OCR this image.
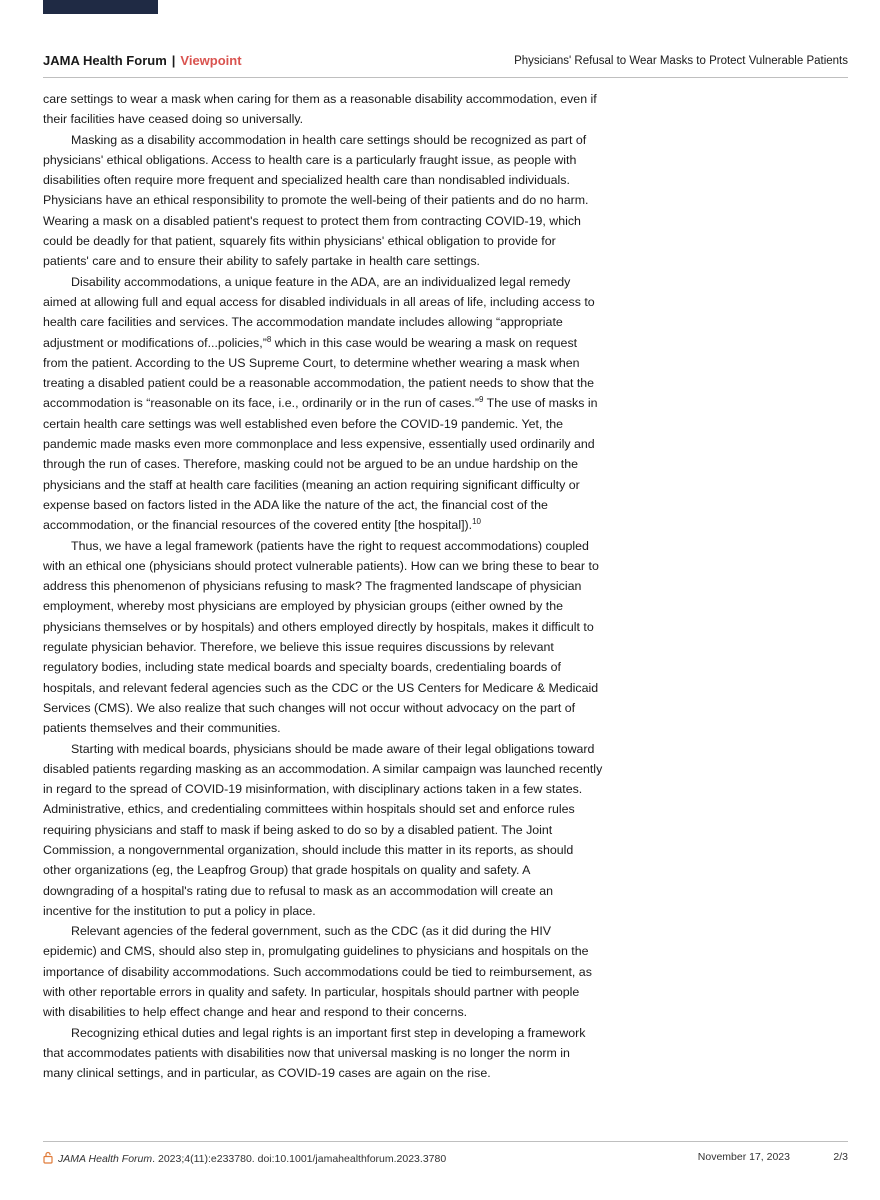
JAMA Health Forum | Viewpoint	Physicians' Refusal to Wear Masks to Protect Vulnerable Patients

care settings to wear a mask when caring for them as a reasonable disability accommodation, even if their facilities have ceased doing so universally.

Masking as a disability accommodation in health care settings should be recognized as part of physicians' ethical obligations. Access to health care is a particularly fraught issue, as people with disabilities often require more frequent and specialized health care than nondisabled individuals. Physicians have an ethical responsibility to promote the well-being of their patients and do no harm. Wearing a mask on a disabled patient's request to protect them from contracting COVID-19, which could be deadly for that patient, squarely fits within physicians' ethical obligation to provide for patients' care and to ensure their ability to safely partake in health care settings.

Disability accommodations, a unique feature in the ADA, are an individualized legal remedy aimed at allowing full and equal access for disabled individuals in all areas of life, including access to health care facilities and services. The accommodation mandate includes allowing “appropriate adjustment or modifications of...policies,”$^8$ which in this case would be wearing a mask on request from the patient. According to the US Supreme Court, to determine whether wearing a mask when treating a disabled patient could be a reasonable accommodation, the patient needs to show that the accommodation is “reasonable on its face, i.e., ordinarily or in the run of cases.”$^9$ The use of masks in certain health care settings was well established even before the COVID-19 pandemic. Yet, the pandemic made masks even more commonplace and less expensive, essentially used ordinarily and through the run of cases. Therefore, masking could not be argued to be an undue hardship on the physicians and the staff at health care facilities (meaning an action requiring significant difficulty or expense based on factors listed in the ADA like the nature of the act, the financial cost of the accommodation, or the financial resources of the covered entity [the hospital]).$^{10}$

Thus, we have a legal framework (patients have the right to request accommodations) coupled with an ethical one (physicians should protect vulnerable patients). How can we bring these to bear to address this phenomenon of physicians refusing to mask? The fragmented landscape of physician employment, whereby most physicians are employed by physician groups (either owned by the physicians themselves or by hospitals) and others employed directly by hospitals, makes it difficult to regulate physician behavior. Therefore, we believe this issue requires discussions by relevant regulatory bodies, including state medical boards and specialty boards, credentialing boards of hospitals, and relevant federal agencies such as the CDC or the US Centers for Medicare & Medicaid Services (CMS). We also realize that such changes will not occur without advocacy on the part of patients themselves and their communities.

Starting with medical boards, physicians should be made aware of their legal obligations toward disabled patients regarding masking as an accommodation. A similar campaign was launched recently in regard to the spread of COVID-19 misinformation, with disciplinary actions taken in a few states. Administrative, ethics, and credentialing committees within hospitals should set and enforce rules requiring physicians and staff to mask if being asked to do so by a disabled patient. The Joint Commission, a nongovernmental organization, should include this matter in its reports, as should other organizations (eg, the Leapfrog Group) that grade hospitals on quality and safety. A downgrading of a hospital's rating due to refusal to mask as an accommodation will create an incentive for the institution to put a policy in place.

Relevant agencies of the federal government, such as the CDC (as it did during the HIV epidemic) and CMS, should also step in, promulgating guidelines to physicians and hospitals on the importance of disability accommodations. Such accommodations could be tied to reimbursement, as with other reportable errors in quality and safety. In particular, hospitals should partner with people with disabilities to help effect change and hear and respond to their concerns.

Recognizing ethical duties and legal rights is an important first step in developing a framework that accommodates patients with disabilities now that universal masking is no longer the norm in many clinical settings, and in particular, as COVID-19 cases are again on the rise.

JAMA Health Forum. 2023;4(11):e233780. doi:10.1001/jamahealthforum.2023.3780	November 17, 2023	2/3
